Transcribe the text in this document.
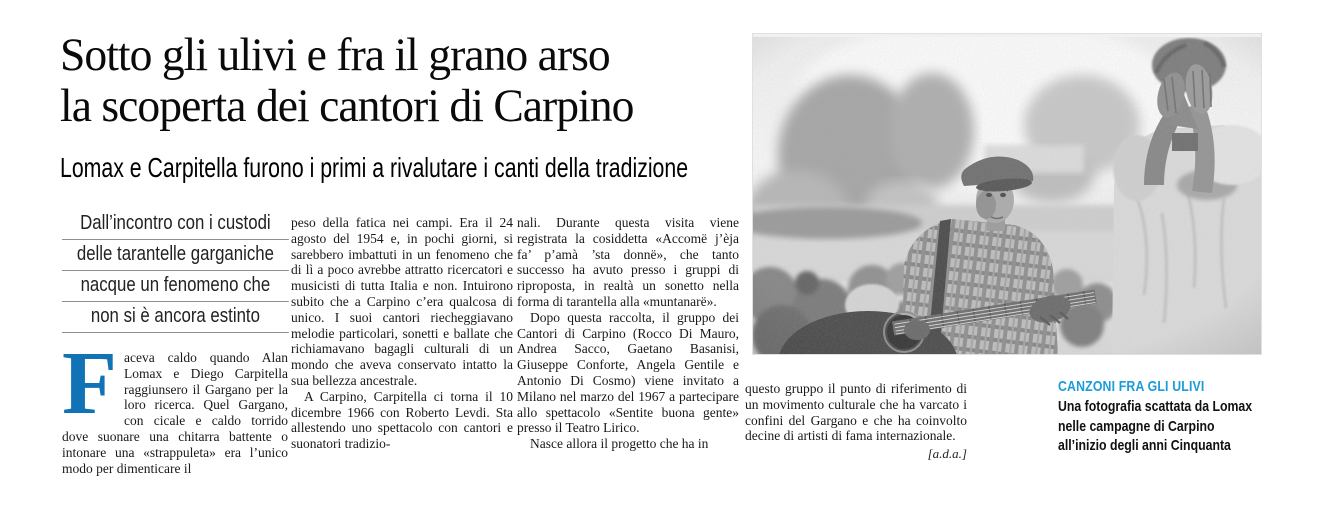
Sotto gli ulivi e fra il grano arso
la scoperta dei cantori di Carpino
Lomax e Carpitella furono i primi a rivalutare i canti della tradizione
Dall’incontro con i custodi
delle tarantelle garganiche
nacque un fenomeno che
non si è ancora estinto

Faceva caldo quando Alan Lomax e Diego Carpitella raggiunsero il Gargano per la loro ricerca. Quel Gargano, con cicale e caldo torrido dove suonare una chitarra battente o intonare una «strappuleta» era l’unico modo per dimenticare il

peso della fatica nei campi. Era il 24 agosto del 1954 e, in pochi giorni, si sarebbero imbattuti in un fenomeno che di lì a poco avrebbe attratto ricercatori e musicisti di tutta Italia e non. Intuirono subito che a Carpino c’era qualcosa di unico. I suoi cantori riecheggiavano melodie particolari, sonetti e ballate che richiamavano bagagli culturali di un mondo che aveva conservato intatto la sua bellezza ancestrale.

A Carpino, Carpitella ci torna il 10 dicembre 1966 con Roberto Levdi. Sta allestendo uno spettacolo con cantori e suonatori tradizio-

nali. Durante questa visita viene registrata la cosiddetta «Accomë j’èja fa’ p’amà ’sta donnë», che tanto successo ha avuto presso i gruppi di riproposta, in realtà un sonetto nella forma di tarantella alla «muntanarë».

Dopo questa raccolta, il gruppo dei Cantori di Carpino (Rocco Di Mauro, Andrea Sacco, Gaetano Basanisi, Giuseppe Conforte, Angela Gentile e Antonio Di Cosmo) viene invitato a Milano nel marzo del 1967 a partecipare allo spettacolo «Sentite buona gente» presso il Teatro Lirico.

Nasce allora il progetto che ha in

questo gruppo il punto di riferimento di un movimento culturale che ha varcato i confini del Gargano e che ha coinvolto decine di artisti di fama internazionale.

[a.d.a.]

CANZONI FRA GLI ULIVI
Una fotografia scattata da Lomax
nelle campagne di Carpino
all’inizio degli anni Cinquanta
